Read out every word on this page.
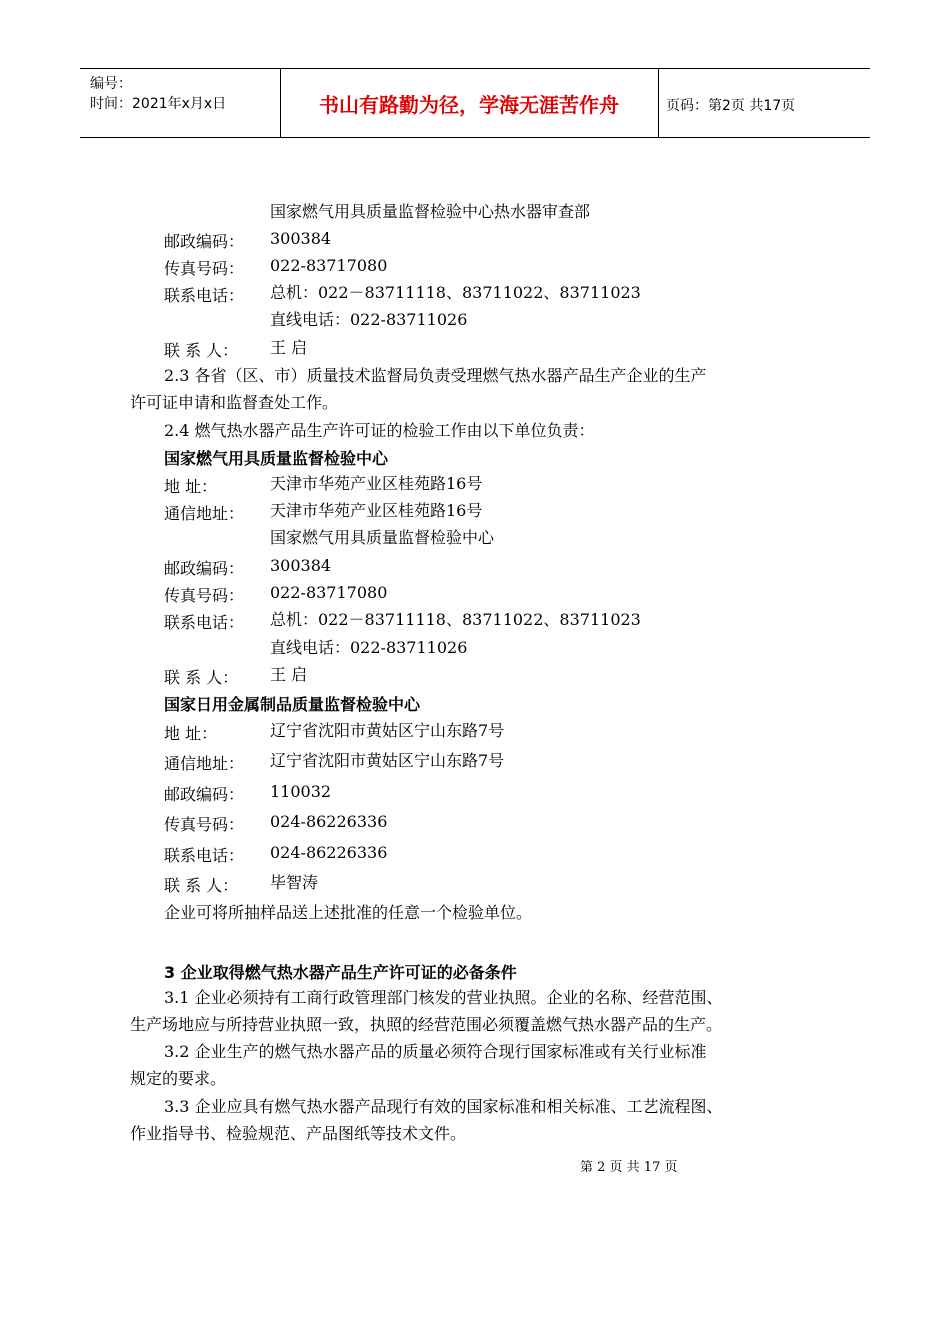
编号：
时间：2021年x月x日	书山有路勤为径，学海无涯苦作舟	页码：第2页 共17页
国家燃气用具质量监督检验中心热水器审查部
邮政编码： 300384
传真号码： 022-83717080
联系电话： 总机：022－83711118、83711022、83711023
直线电话：022-83711026
联 系 人： 王 启
2.3 各省（区、市）质量技术监督局负责受理燃气热水器产品生产企业的生产
许可证申请和监督查处工作。
2.4 燃气热水器产品生产许可证的检验工作由以下单位负责：
国家燃气用具质量监督检验中心
地 址：	天津市华苑产业区桂苑路16号
通信地址： 天津市华苑产业区桂苑路16号
国家燃气用具质量监督检验中心
邮政编码： 300384
传真号码： 022-83717080
联系电话： 总机：022－83711118、83711022、83711023
直线电话：022-83711026
联 系 人： 王 启
国家日用金属制品质量监督检验中心
地 址：	辽宁省沈阳市黄姑区宁山东路7号
通信地址： 辽宁省沈阳市黄姑区宁山东路7号
邮政编码： 110032
传真号码： 024-86226336
联系电话： 024-86226336
联 系 人： 毕智涛
企业可将所抽样品送上述批准的任意一个检验单位。
3 企业取得燃气热水器产品生产许可证的必备条件
3.1 企业必须持有工商行政管理部门核发的营业执照。企业的名称、经营范围、
生产场地应与所持营业执照一致，执照的经营范围必须覆盖燃气热水器产品的生产。
3.2 企业生产的燃气热水器产品的质量必须符合现行国家标准或有关行业标准
规定的要求。
3.3 企业应具有燃气热水器产品现行有效的国家标准和相关标准、工艺流程图、
作业指导书、检验规范、产品图纸等技术文件。
第 2 页 共 17 页
